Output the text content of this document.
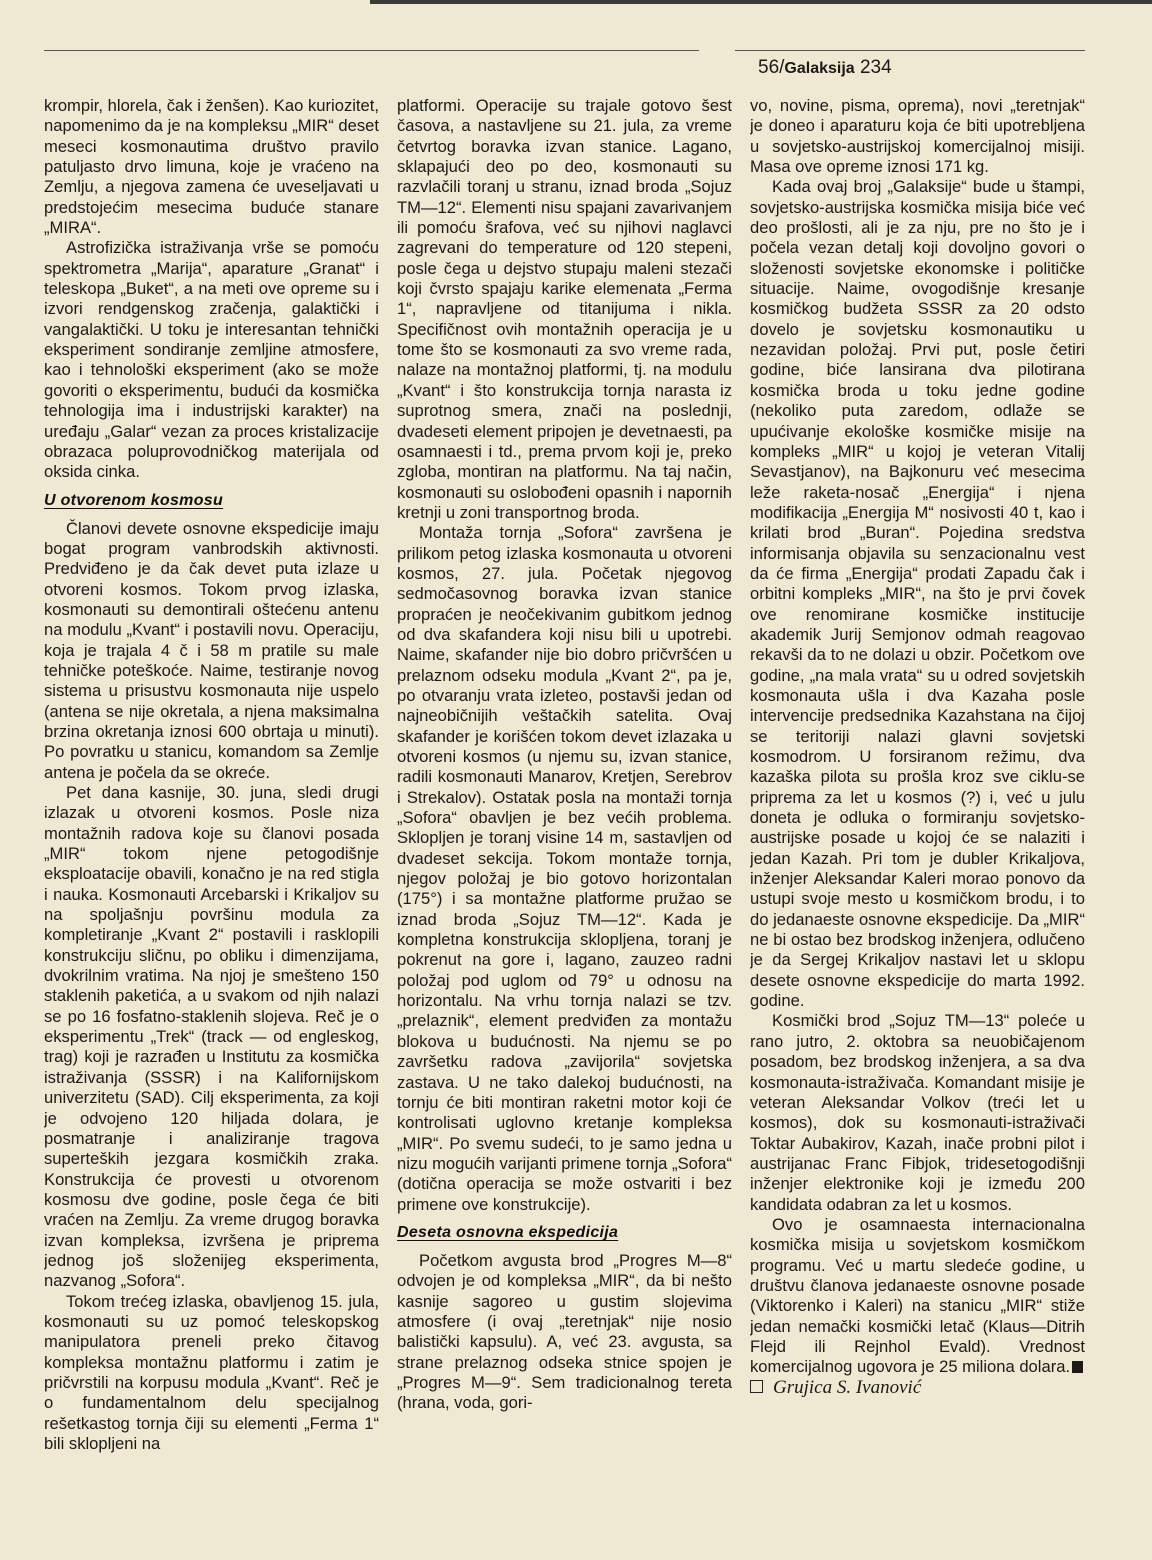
56/Galaksija 234

krompir, hlorela, čak i ženšen). Kao kuriozitet, napomenimo da je na kompleksu „MIR“ deset meseci kosmonautima društvo pravilo patuljasto drvo limuna, koje je vraćeno na Zemlju, a njegova zamena će uveseljavati u predstojećim mesecima buduće stanare „MIRA“.

Astrofizička istraživanja vrše se pomoću spektrometra „Marija“, aparature „Granat“ i teleskopa „Buket“, a na meti ove opreme su i izvori rendgenskog zračenja, galaktički i vangalaktički. U toku je interesantan tehnički eksperiment sondiranje zemljine atmosfere, kao i tehnološki eksperiment (ako se može govoriti o eksperimentu, budući da kosmička tehnologija ima i industrijski karakter) na uređaju „Galar“ vezan za proces kristalizacije obrazaca poluprovodničkog materijala od oksida cinka.

U otvorenom kosmosu

Članovi devete osnovne ekspedicije imaju bogat program vanbrodskih aktivnosti. Predviđeno je da čak devet puta izlaze u otvoreni kosmos. Tokom prvog izlaska, kosmonauti su demontirali oštećenu antenu na modulu „Kvant“ i postavili novu. Operaciju, koja je trajala 4 č i 58 m pratile su male tehničke poteškoće. Naime, testiranje novog sistema u prisustvu kosmonauta nije uspelo (antena se nije okretala, a njena maksimalna brzina okretanja iznosi 600 obrtaja u minuti). Po povratku u stanicu, komandom sa Zemlje antena je počela da se okreće.

Pet dana kasnije, 30. juna, sledi drugi izlazak u otvoreni kosmos. Posle niza montažnih radova koje su članovi posada „MIR“ tokom njene petogodišnje eksploatacije obavili, konačno je na red stigla i nauka. Kosmonauti Arcebarski i Krikaljov su na spoljašnju površinu modula za kompletiranje „Kvant 2“ postavili i rasklopili konstrukciju sličnu, po obliku i dimenzijama, dvokrilnim vratima. Na njoj je smešteno 150 staklenih paketića, a u svakom od njih nalazi se po 16 fosfatno-staklenih slojeva. Reč je o eksperimentu „Trek“ (track — od engleskog, trag) koji je razrađen u Institutu za kosmička istraživanja (SSSR) i na Kalifornijskom univerzitetu (SAD). Cilj eksperimenta, za koji je odvojeno 120 hiljada dolara, je posmatranje i analiziranje tragova superteških jezgara kosmičkih zraka. Konstrukcija će provesti u otvorenom kosmosu dve godine, posle čega će biti vraćen na Zemlju. Za vreme drugog boravka izvan kompleksa, izvršena je priprema jednog još složenijeg eksperimenta, nazvanog „Sofora“.

Tokom trećeg izlaska, obavljenog 15. jula, kosmonauti su uz pomoć teleskopskog manipulatora preneli preko čitavog kompleksa montažnu platformu i zatim je pričvrstili na korpusu modula „Kvant“. Reč je o fundamentalnom delu specijalnog rešetkastog tornja čiji su elementi „Ferma 1“ bili sklopljeni na

platformi. Operacije su trajale gotovo šest časova, a nastavljene su 21. jula, za vreme četvrtog boravka izvan stanice. Lagano, sklapajući deo po deo, kosmonauti su razvlačili toranj u stranu, iznad broda „Sojuz TM—12“. Elementi nisu spajani zavarivanjem ili pomoću šrafova, već su njihovi naglavci zagrevani do temperature od 120 stepeni, posle čega u dejstvo stupaju maleni stezači koji čvrsto spajaju karike elemenata „Ferma 1“, napravljene od titanijuma i nikla. Specifičnost ovih montažnih operacija je u tome što se kosmonauti za svo vreme rada, nalaze na montažnoj platformi, tj. na modulu „Kvant“ i što konstrukcija tornja narasta iz suprotnog smera, znači na poslednji, dvadeseti element pripojen je devetnaesti, pa osamnaesti i td., prema prvom koji je, preko zgloba, montiran na platformu. Na taj način, kosmonauti su oslobođeni opasnih i napornih kretnji u zoni transportnog broda.

Montaža tornja „Sofora“ završena je prilikom petog izlaska kosmonauta u otvoreni kosmos, 27. jula. Početak njegovog sedmočasovnog boravka izvan stanice propraćen je neočekivanim gubitkom jednog od dva skafandera koji nisu bili u upotrebi. Naime, skafander nije bio dobro pričvršćen u prelaznom odseku modula „Kvant 2“, pa je, po otvaranju vrata izleteo, postavši jedan od najneobičnijih veštačkih satelita. Ovaj skafander je korišćen tokom devet izlazaka u otvoreni kosmos (u njemu su, izvan stanice, radili kosmonauti Manarov, Kretjen, Serebrov i Strekalov). Ostatak posla na montaži tornja „Sofora“ obavljen je bez većih problema. Sklopljen je toranj visine 14 m, sastavljen od dvadeset sekcija. Tokom montaže tornja, njegov položaj je bio gotovo horizontalan (175°) i sa montažne platforme pružao se iznad broda „Sojuz TM—12“. Kada je kompletna konstrukcija sklopljena, toranj je pokrenut na gore i, lagano, zauzeo radni položaj pod uglom od 79° u odnosu na horizontalu. Na vrhu tornja nalazi se tzv. „prelaznik“, element predviđen za montažu blokova u budućnosti. Na njemu se po završetku radova „zavijorila“ sovjetska zastava. U ne tako dalekoj budućnosti, na tornju će biti montiran raketni motor koji će kontrolisati uglovno kretanje kompleksa „MIR“. Po svemu sudeći, to je samo jedna u nizu mogućih varijanti primene tornja „Sofora“ (dotična operacija se može ostvariti i bez primene ove konstrukcije).

Deseta osnovna ekspedicija

Početkom avgusta brod „Progres M—8“ odvojen je od kompleksa „MIR“, da bi nešto kasnije sagoreo u gustim slojevima atmosfere (i ovaj „teretnjak“ nije nosio balistički kapsulu). A, već 23. avgusta, sa strane prelaznog odseka stnice spojen je „Progres M—9“. Sem tradicionalnog tereta (hrana, voda, gori-

vo, novine, pisma, oprema), novi „teretnjak“ je doneo i aparaturu koja će biti upotrebljena u sovjetsko-austrijskoj komercijalnoj misiji. Masa ove opreme iznosi 171 kg.

Kada ovaj broj „Galaksije“ bude u štampi, sovjetsko-austrijska kosmička misija biće već deo prošlosti, ali je za nju, pre no što je i počela vezan detalj koji dovoljno govori o složenosti sovjetske ekonomske i političke situacije. Naime, ovogodišnje kresanje kosmičkog budžeta SSSR za 20 odsto dovelo je sovjetsku kosmonautiku u nezavidan položaj. Prvi put, posle četiri godine, biće lansirana dva pilotirana kosmička broda u toku jedne godine (nekoliko puta zaredom, odlaže se upućivanje ekološke kosmičke misije na kompleks „MIR“ u kojoj je veteran Vitalij Sevastjanov), na Bajkonuru već mesecima leže raketa-nosač „Energija“ i njena modifikacija „Energija M“ nosivosti 40 t, kao i krilati brod „Buran“. Pojedina sredstva informisanja objavila su senzacionalnu vest da će firma „Energija“ prodati Zapadu čak i orbitni kompleks „MIR“, na što je prvi čovek ove renomirane kosmičke institucije akademik Jurij Semjonov odmah reagovao rekavši da to ne dolazi u obzir. Početkom ove godine, „na mala vrata“ su u odred sovjetskih kosmonauta ušla i dva Kazaha posle intervencije predsednika Kazahstana na čijoj se teritoriji nalazi glavni sovjetski kosmodrom. U forsiranom režimu, dva kazaška pilota su prošla kroz sve ciklu-se priprema za let u kosmos (?) i, već u julu doneta je odluka o formiranju sovjetsko-austrijske posade u kojoj će se nalaziti i jedan Kazah. Pri tom je dubler Krikaljova, inženjer Aleksandar Kaleri morao ponovo da ustupi svoje mesto u kosmičkom brodu, i to do jedanaeste osnovne ekspedicije. Da „MIR“ ne bi ostao bez brodskog inženjera, odlučeno je da Sergej Krikaljov nastavi let u sklopu desete osnovne ekspedicije do marta 1992. godine.

Kosmički brod „Sojuz TM—13“ poleće u rano jutro, 2. oktobra sa neuobičajenom posadom, bez brodskog inženjera, a sa dva kosmonauta-istraživača. Komandant misije je veteran Aleksandar Volkov (treći let u kosmos), dok su kosmonauti-istraživači Toktar Aubakirov, Kazah, inače probni pilot i austrijanac Franc Fibjok, tridesetogodišnji inženjer elektronike koji je između 200 kandidata odabran za let u kosmos.

Ovo je osamnaesta internacionalna kosmička misija u sovjetskom kosmičkom programu. Već u martu sledeće godine, u društvu članova jedanaeste osnovne posade (Viktorenko i Kaleri) na stanicu „MIR“ stiže jedan nemački kosmički letač (Klaus—Ditrih Flejd ili Rejnhol Evald). Vrednost komercijalnog ugovora je 25 miliona dolara.

Grujica S. Ivanović
